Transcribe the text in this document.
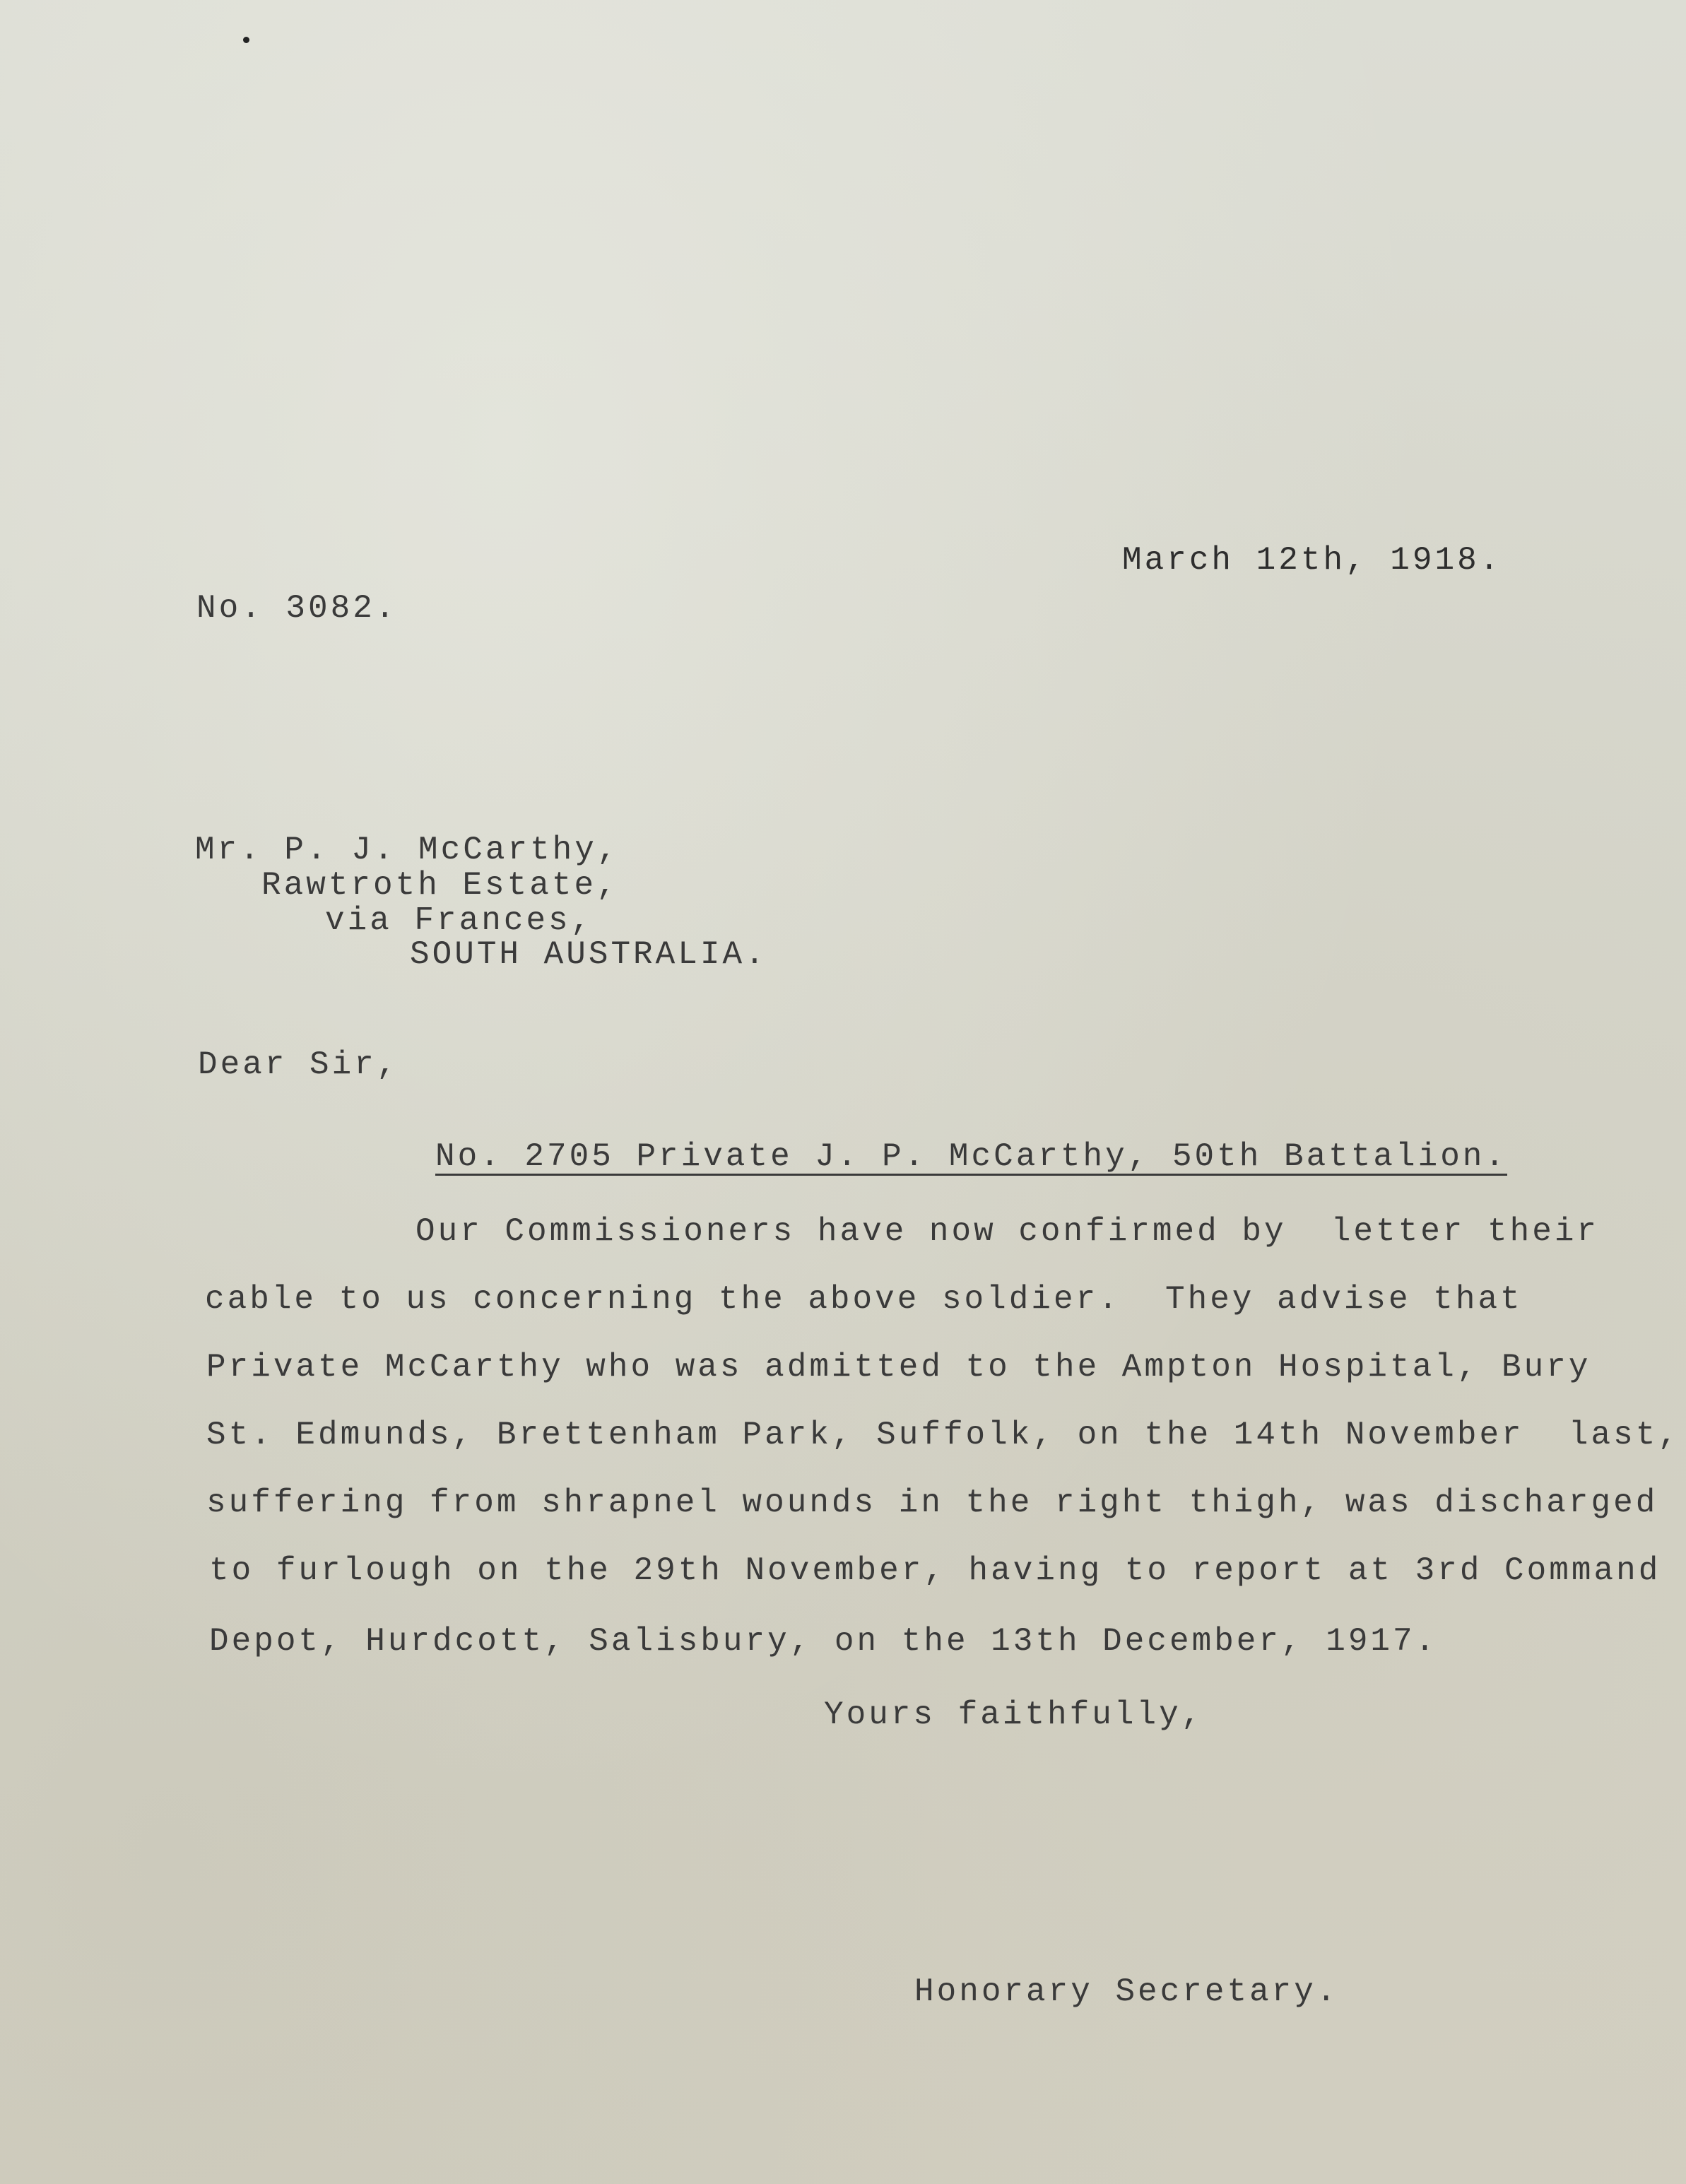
March 12th, 1918.
No. 3082.
Mr. P. J. McCarthy,
Rawtroth Estate,
via Frances,
SOUTH AUSTRALIA.
Dear Sir,
No. 2705 Private J. P. McCarthy, 50th Battalion.
Our Commissioners have now confirmed by  letter their
cable to us concerning the above soldier.  They advise that
Private McCarthy who was admitted to the Ampton Hospital, Bury
St. Edmunds, Brettenham Park, Suffolk, on the 14th November  last,
suffering from shrapnel wounds in the right thigh, was discharged
to furlough on the 29th November, having to report at 3rd Command
Depot, Hurdcott, Salisbury, on the 13th December, 1917.
Yours faithfully,
Honorary Secretary.
